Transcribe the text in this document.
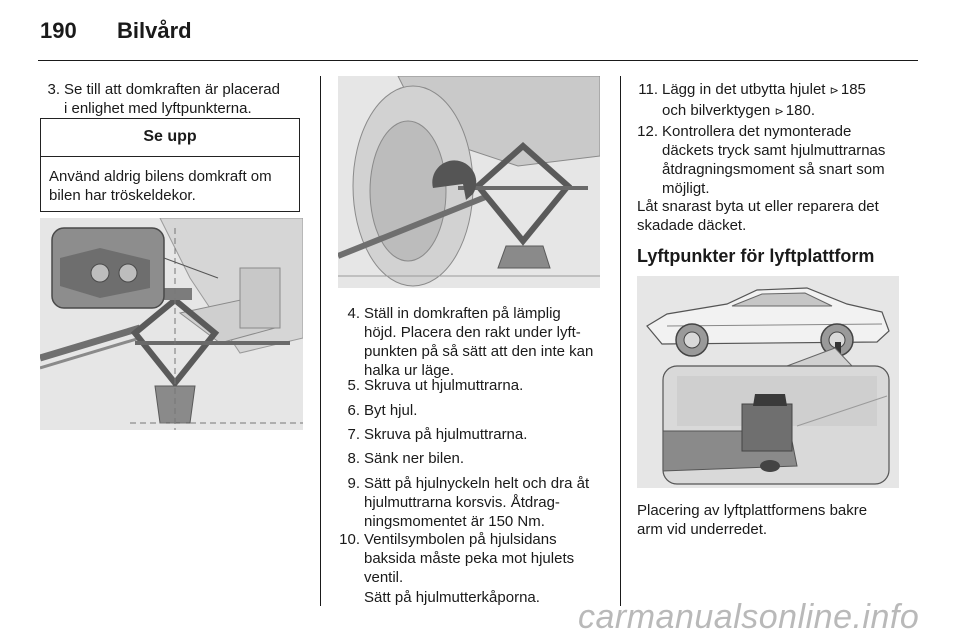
190 Bilvård
3. Se till att domkraften är placerad
i enlighet med lyftpunkterna.
Se upp
Använd aldrig bilens domkraft om
bilen har tröskeldekor.
4. Ställ in domkraften på lämplig
höjd. Placera den rakt under lyft-
punkten på så sätt att den inte kan
halka ur läge.
5. Skruva ut hjulmuttrarna.
6. Byt hjul.
7. Skruva på hjulmuttrarna.
8. Sänk ner bilen.
9. Sätt på hjulnyckeln helt och dra åt
hjulmuttrarna korsvis. Åtdrag-
ningsmomentet är 150 Nm.
10. Ventilsymbolen på hjulsidans
baksida måste peka mot hjulets
ventil.
Sätt på hjulmutterkåporna.
11. Lägg in det utbytta hjulet ⊳ 185
och bilverktygen ⊳ 180.
12. Kontrollera det nymonterade
däckets tryck samt hjulmuttrarnas
åtdragningsmoment så snart som
möjligt.
Låt snarast byta ut eller reparera det
skadade däcket.
Lyftpunkter för lyftplattform
Placering av lyftplattformens bakre
arm vid underredet.
carmanualsonline.info
